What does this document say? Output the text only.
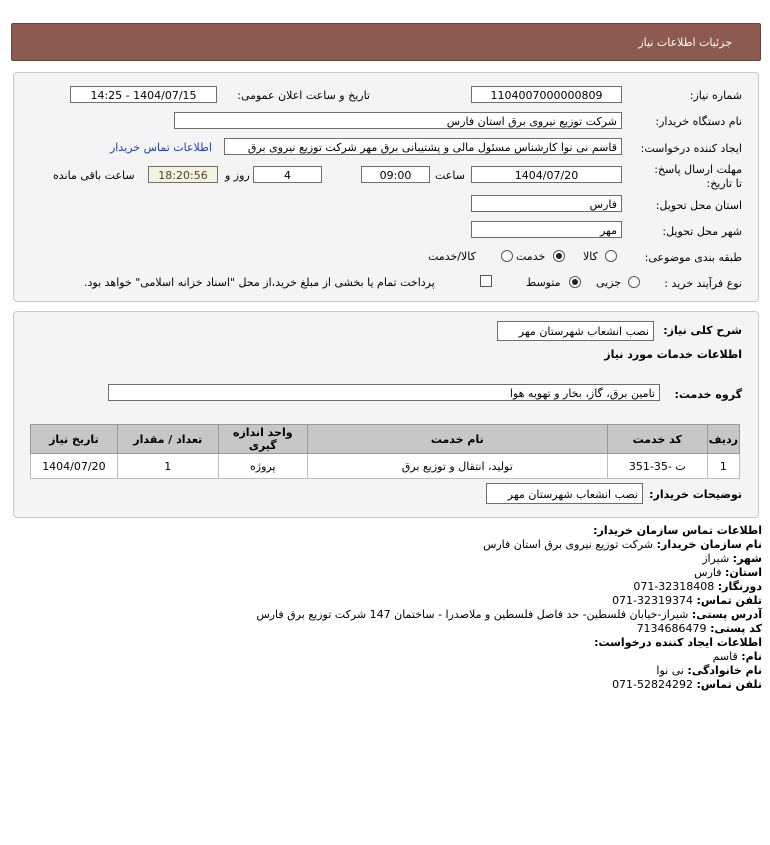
جزئیات اطلاعات نیاز
شماره نیاز:
1104007000000809
تاریخ و ساعت اعلان عمومی:
1404/07/15 - 14:25
نام دستگاه خریدار:
شرکت توزیع نیروی برق استان فارس
ایجاد کننده درخواست:
قاسم نی نوا کارشناس مسئول مالی و پشتیبانی برق مهر شرکت توزیع نیروی برق
اطلاعات تماس خریدار
مهلت ارسال پاسخ: تا تاریخ:
1404/07/20
ساعت
09:00
4
روز و
18:20:56
ساعت باقی مانده
استان محل تحویل:
فارس
شهر محل تحویل:
مهر
طبقه بندی موضوعی:
کالا
خدمت
کالا/خدمت
نوع فرآیند خرید :
جزیی
متوسط
پرداخت تمام یا بخشی از مبلغ خرید،از محل "اسناد خزانه اسلامی" خواهد بود.
شرح کلی نیاز:
نصب انشعاب شهرستان مهر
اطلاعات خدمات مورد نیاز
گروه خدمت:
تامین برق، گاز، بخار و تهویه هوا
ردیف	کد خدمت	نام خدمت	واحد اندازه گیری	تعداد / مقدار	تاریخ نیاز
1	ت -35-351	تولید، انتقال و توزیع برق	پروژه	1	1404/07/20
توضیحات خریدار:
نصب انشعاب شهرستان مهر
اطلاعات تماس سازمان خریدار:
نام سازمان خریدار: شرکت توزیع نیروی برق استان فارس
شهر: شیراز
استان: فارس
دورنگار: 071-32318408
تلفن تماس: 071-32319374
آدرس پستی: شیراز-خیابان فلسطین- حد فاصل فلسطین و ملاصدرا - ساختمان 147 شرکت توزیع برق فارس
کد پستی: 7134686479
اطلاعات ایجاد کننده درخواست:
نام: قاسم
نام خانوادگی: نی نوا
تلفن تماس: 071-52824292
